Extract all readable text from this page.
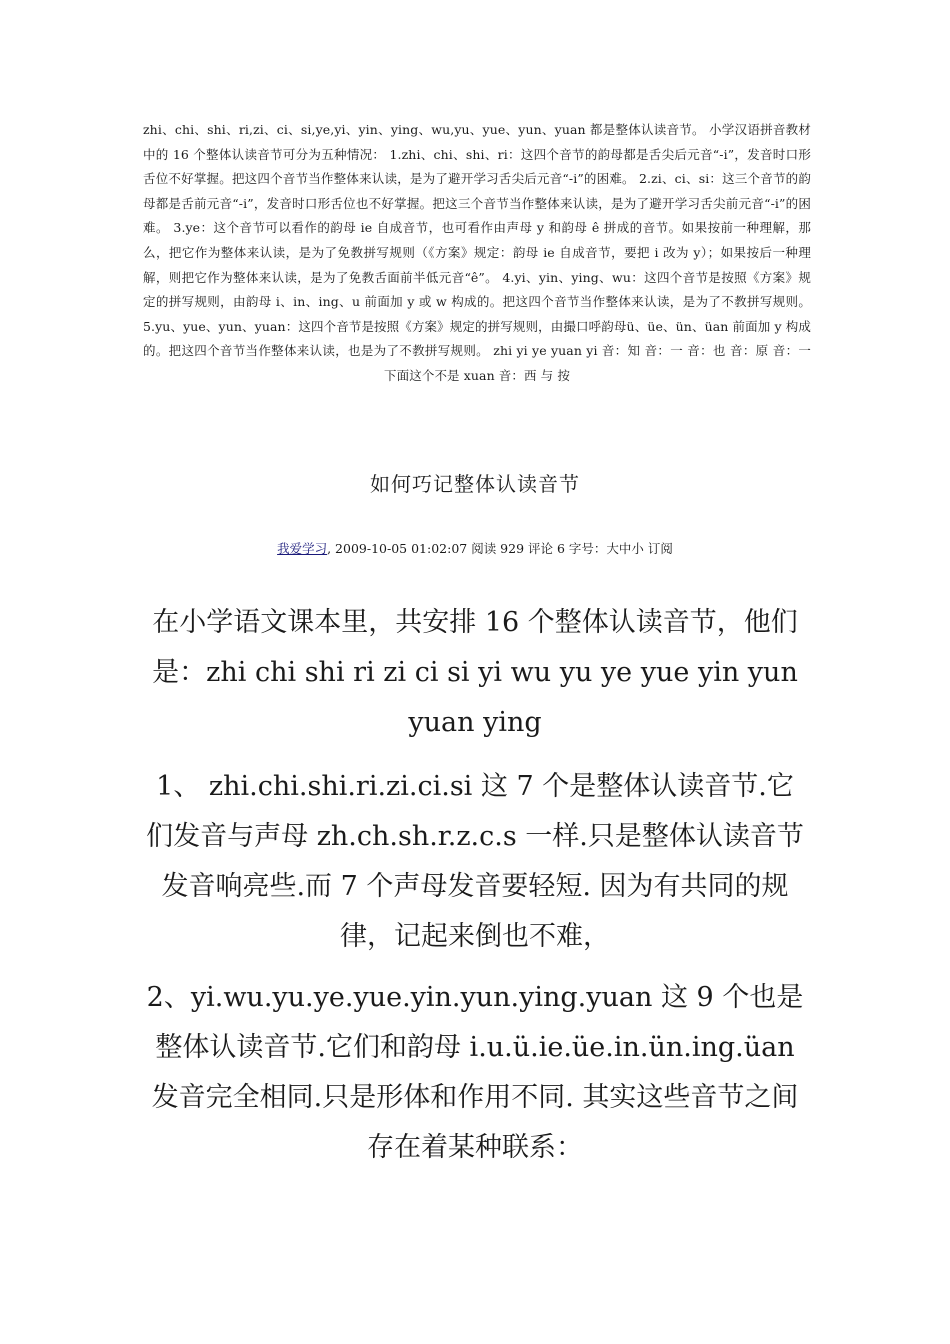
zhi、chi、shi、ri,zi、ci、si,ye,yi、yin、ying、wu,yu、yue、yun、yuan 都是整体认读音节。 小学汉语拼音教材中的 16 个整体认读音节可分为五种情况： 1.zhi、chi、shi、ri：这四个音节的韵母都是舌尖后元音“-i”，发音时口形舌位不好掌握。把这四个音节当作整体来认读，是为了避开学习舌尖后元音“-i”的困难。 2.zi、ci、si：这三个音节的韵母都是舌前元音“-i”，发音时口形舌位也不好掌握。把这三个音节当作整体来认读，是为了避开学习舌尖前元音“-i”的困难。 3.ye：这个音节可以看作的韵母 ie 自成音节，也可看作由声母 y 和韵母 ê 拼成的音节。如果按前一种理解，那么，把它作为整体来认读，是为了免教拼写规则（《方案》规定：韵母 ie 自成音节，要把 i 改为 y）；如果按后一种理解，则把它作为整体来认读，是为了免教舌面前半低元音“ê”。 4.yi、yin、ying、wu：这四个音节是按照《方案》规定的拼写规则，由韵母 i、in、ing、u 前面加 y 或 w 构成的。把这四个音节当作整体来认读，是为了不教拼写规则。 5.yu、yue、yun、yuan：这四个音节是按照《方案》规定的拼写规则，由撮口呼韵母ü、üe、ün、üan 前面加 y 构成的。把这四个音节当作整体来认读，也是为了不教拼写规则。 zhi yi ye yuan yi 音：知 音：一 音：也 音：原 音：一 下面这个不是 xuan 音：西 与 按
如何巧记整体认读音节
我爱学习, 2009-10-05 01:02:07 阅读 929 评论 6 字号：大中小 订阅
在小学语文课本里，共安排 16 个整体认读音节，他们是：zhi chi shi ri zi ci si yi wu yu ye yue yin yun yuan ying
1、 zhi.chi.shi.ri.zi.ci.si 这 7 个是整体认读音节.它们发音与声母 zh.ch.sh.r.z.c.s 一样.只是整体认读音节发音响亮些.而 7 个声母发音要轻短. 因为有共同的规律，记起来倒也不难，
2、yi.wu.yu.ye.yue.yin.yun.ying.yuan 这 9 个也是整体认读音节.它们和韵母 i.u.ü.ie.üe.in.ün.ing.üan 发音完全相同.只是形体和作用不同. 其实这些音节之间存在着某种联系：
